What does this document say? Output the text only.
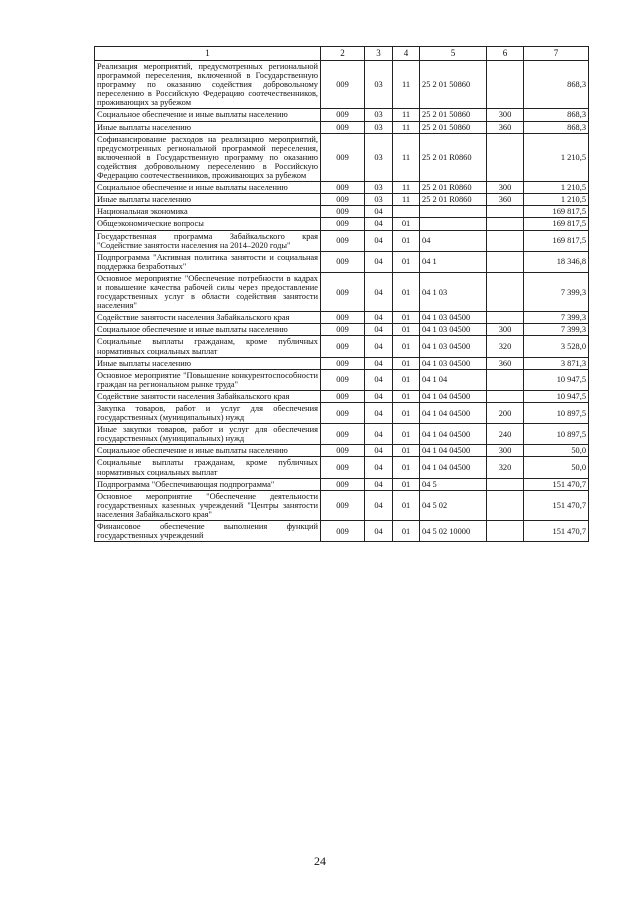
1	2	3	4	5	6	7
Реализация мероприятий, предусмотренных региональной программой переселения, включенной в Государственную программу по оказанию содействия добровольному переселению в Российскую Федерацию соотечественников, проживающих за рубежом	009	03	11	25 2 01 50860		868,3
Социальное обеспечение и иные выплаты населению	009	03	11	25 2 01 50860	300	868,3
Иные выплаты населению	009	03	11	25 2 01 50860	360	868,3
Софинансирование расходов на реализацию мероприятий, предусмотренных региональной программой переселения, включенной в Государственную программу по оказанию содействия добровольному переселению в Российскую Федерацию соотечественников, проживающих за рубежом	009	03	11	25 2 01 R0860		1 210,5
Социальное обеспечение и иные выплаты населению	009	03	11	25 2 01 R0860	300	1 210,5
Иные выплаты населению	009	03	11	25 2 01 R0860	360	1 210,5
Национальная экономика	009	04				169 817,5
Общеэкономические вопросы	009	04	01			169 817,5
Государственная программа Забайкальского края "Содействие занятости населения на 2014–2020 годы"	009	04	01	04		169 817,5
Подпрограмма "Активная политика занятости и социальная поддержка безработных"	009	04	01	04 1		18 346,8
Основное мероприятие "Обеспечение потребности в кадрах и повышение качества рабочей силы через предоставление государственных услуг в области содействия занятости населения"	009	04	01	04 1 03		7 399,3
Содействие занятости населения Забайкальского края	009	04	01	04 1 03 04500		7 399,3
Социальное обеспечение и иные выплаты населению	009	04	01	04 1 03 04500	300	7 399,3
Социальные выплаты гражданам, кроме публичных нормативных социальных выплат	009	04	01	04 1 03 04500	320	3 528,0
Иные выплаты населению	009	04	01	04 1 03 04500	360	3 871,3
Основное мероприятие "Повышение конкурентоспособности граждан на региональном рынке труда"	009	04	01	04 1 04		10 947,5
Содействие занятости населения Забайкальского края	009	04	01	04 1 04 04500		10 947,5
Закупка товаров, работ и услуг для обеспечения государственных (муниципальных) нужд	009	04	01	04 1 04 04500	200	10 897,5
Иные закупки товаров, работ и услуг для обеспечения государственных (муниципальных) нужд	009	04	01	04 1 04 04500	240	10 897,5
Социальное обеспечение и иные выплаты населению	009	04	01	04 1 04 04500	300	50,0
Социальные выплаты гражданам, кроме публичных нормативных социальных выплат	009	04	01	04 1 04 04500	320	50,0
Подпрограмма "Обеспечивающая подпрограмма"	009	04	01	04 5		151 470,7
Основное мероприятие "Обеспечение деятельности государственных казенных учреждений "Центры занятости населения Забайкальского края"	009	04	01	04 5 02		151 470,7
Финансовое обеспечение выполнения функций государственных учреждений	009	04	01	04 5 02 10000		151 470,7
24
